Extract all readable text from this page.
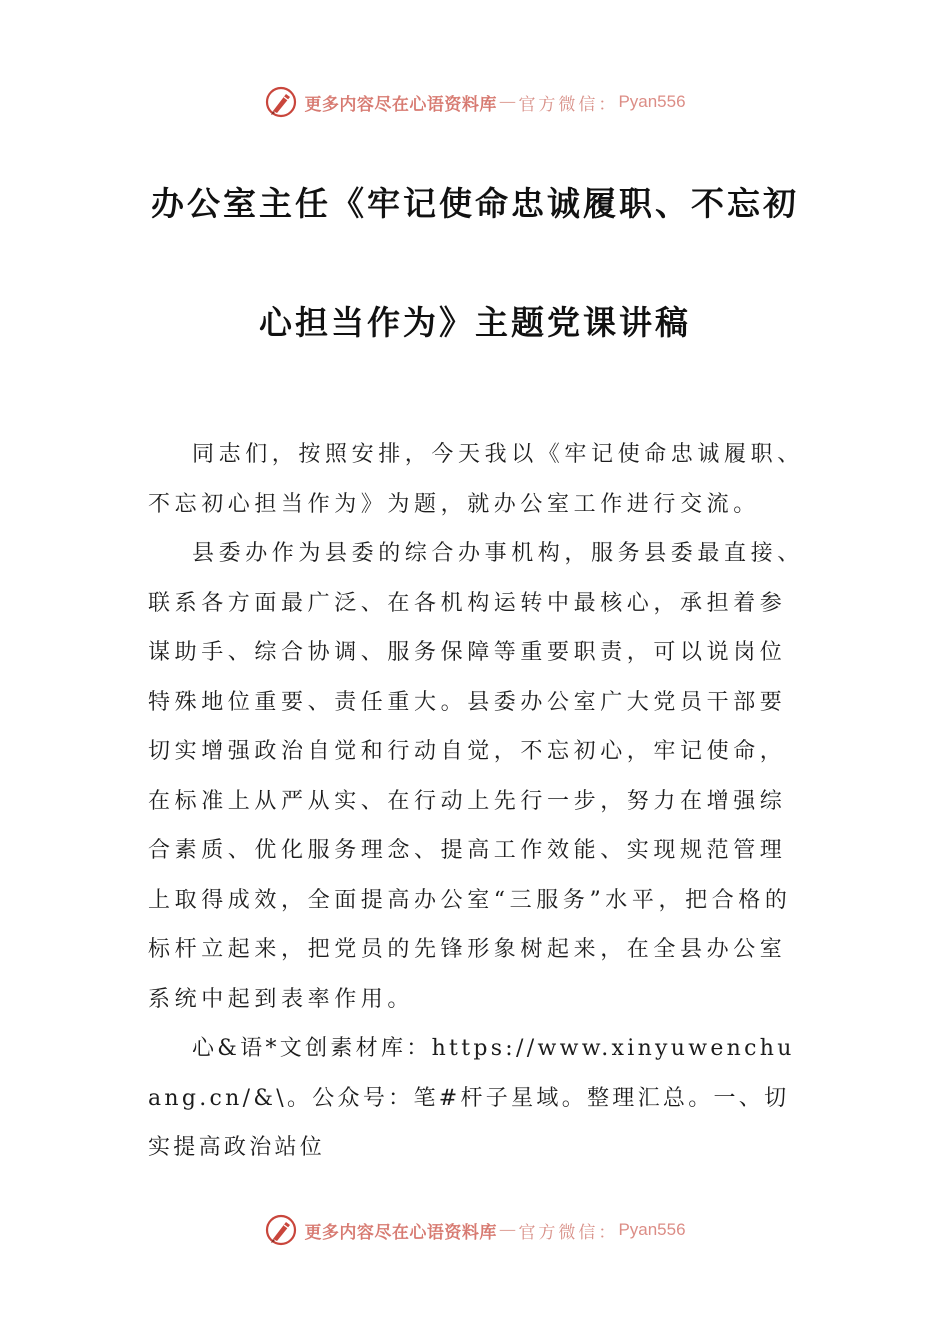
更多内容尽在心语资料库 — 官方微信： Pyan556
办公室主任《牢记使命忠诚履职、不忘初
心担当作为》主题党课讲稿

同志们，按照安排，今天我以《牢记使命忠诚履职、不忘初心担当作为》为题，就办公室工作进行交流。

县委办作为县委的综合办事机构，服务县委最直接、联系各方面最广泛、在各机构运转中最核心，承担着参谋助手、综合协调、服务保障等重要职责，可以说岗位特殊地位重要、责任重大。县委办公室广大党员干部要切实增强政治自觉和行动自觉，不忘初心，牢记使命，在标准上从严从实、在行动上先行一步，努力在增强综合素质、优化服务理念、提高工作效能、实现规范管理上取得成效，全面提高办公室“三服务”水平，把合格的标杆立起来，把党员的先锋形象树起来，在全县办公室系统中起到表率作用。

心&语*文创素材库：https://www.xinyuwenchuang.cn/&\。公众号：笔#杆子星域。整理汇总。一、切实提高政治站位

更多内容尽在心语资料库 — 官方微信： Pyan556
